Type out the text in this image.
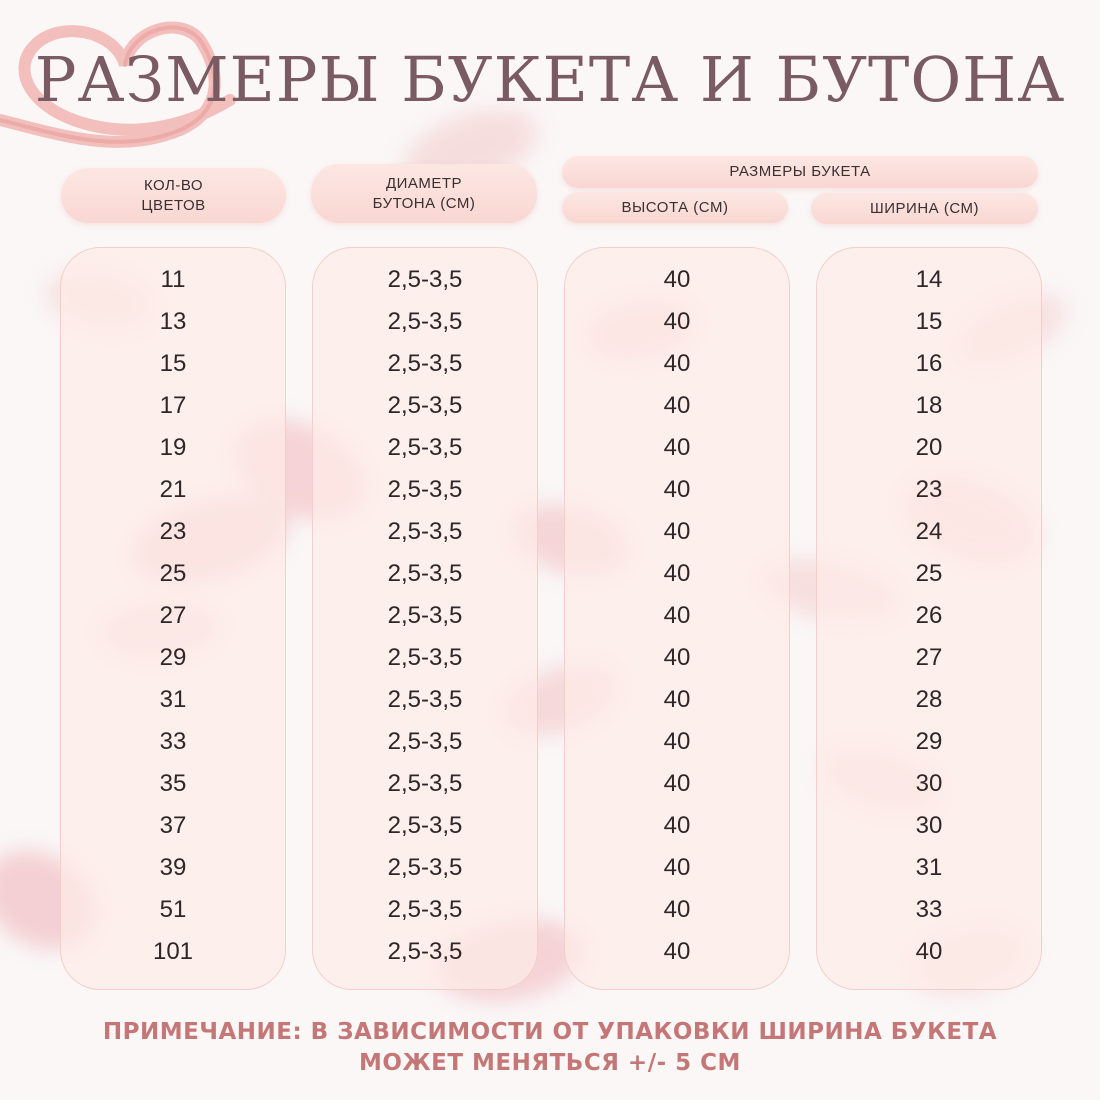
РАЗМЕРЫ БУКЕТА И БУТОНА
КОЛ-ВО
ЦВЕТОВ
ДИАМЕТР
БУТОНА (СМ)
РАЗМЕРЫ БУКЕТА
ВЫСОТА (СМ)	ШИРИНА (СМ)
11
13
15
17
19
21
23
25
27
29
31
33
35
37
39
51
101
2,5-3,5
2,5-3,5
2,5-3,5
2,5-3,5
2,5-3,5
2,5-3,5
2,5-3,5
2,5-3,5
2,5-3,5
2,5-3,5
2,5-3,5
2,5-3,5
2,5-3,5
2,5-3,5
2,5-3,5
2,5-3,5
2,5-3,5
40
40
40
40
40
40
40
40
40
40
40
40
40
40
40
40
40
14
15
16
18
20
23
24
25
26
27
28
29
30
30
31
33
40
ПРИМЕЧАНИЕ: В ЗАВИСИМОСТИ ОТ УПАКОВКИ ШИРИНА БУКЕТА
МОЖЕТ МЕНЯТЬСЯ +/- 5 СМ
